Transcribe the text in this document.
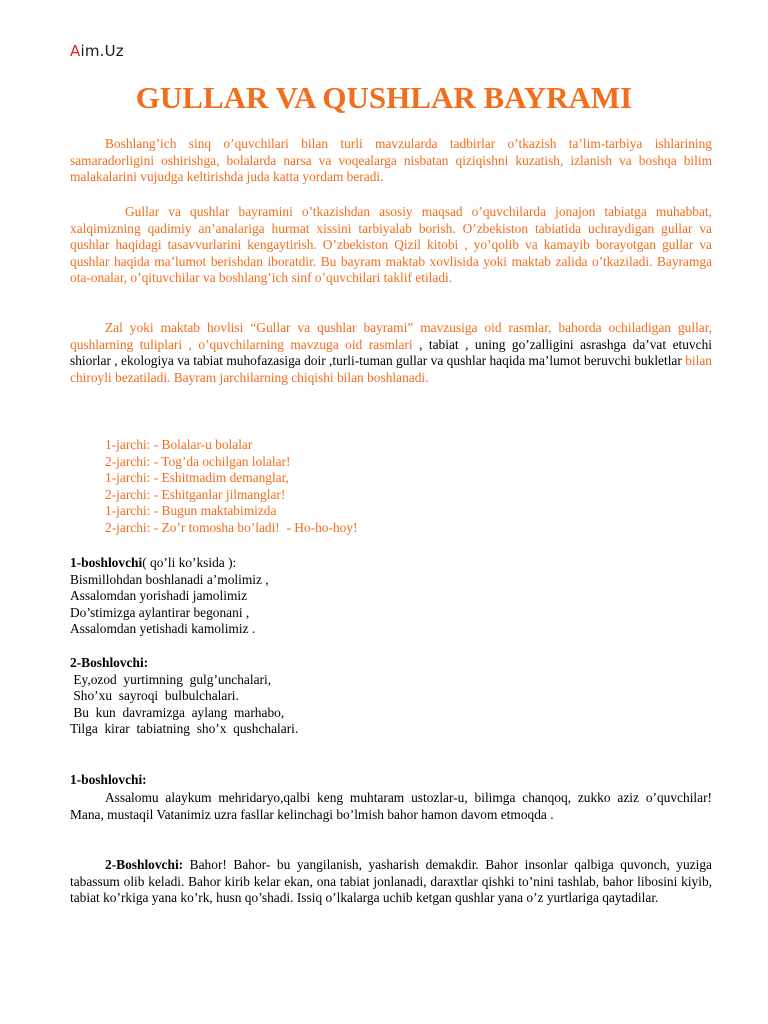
Aim.Uz
GULLAR VA QUSHLAR BAYRAMI

Boshlang’ich sinq o’quvchilari bilan turli mavzularda tadbirlar o’tkazish ta’lim-tarbiya ishlarining samaradorligini oshirishga, bolalarda narsa va voqealarga nisbatan qiziqishni kuzatish, izlanish va boshqa bilim malakalarini vujudga keltirishda juda katta yordam beradi.

Gullar va qushlar bayramini o’tkazishdan asosiy maqsad o’quvchilarda jonajon tabiatga muhabbat, xalqimizning qadimiy an’analariga hurmat xissini tarbiyalab borish. O’zbekiston tabiatida uchraydigan gullar va qushlar haqidagi tasavvurlarini kengaytirish. O’zbekiston Qizil kitobi , yo’qolib va kamayib borayotgan gullar va qushlar haqida ma’lumot berishdan iboratdir. Bu bayram maktab xovlisida yoki maktab zalida o’tkaziladi. Bayramga ota-onalar, o’qituvchilar va boshlang’ich sinf o’quvchilari taklif etiladi.

Zal yoki maktab hovlisi “Gullar va qushlar bayrami” mavzusiga oid rasmlar, bahorda ochiladigan gullar, qushlarning tuliplari , o’quvchilarning mavzuga oid rasmlari , tabiat , uning go’zalligini asrashga da’vat etuvchi shiorlar , ekologiya va tabiat muhofazasiga doir ,turli-tuman gullar va qushlar haqida ma’lumot beruvchi bukletlar bilan chiroyli bezatiladi. Bayram jarchilarning chiqishi bilan boshlanadi.

1-jarchi: - Bolalar-u bolalar
2-jarchi: - Tog’da ochilgan lolalar!
1-jarchi: - Eshitmadim demanglar,
2-jarchi: - Eshitganlar jilmanglar!
1-jarchi: - Bugun maktabimizda
2-jarchi: - Zo’r tomosha bo’ladi!  - Ho-ho-hoy!
1-boshlovchi( qo’li ko’ksida ):
Bismillohdan boshlanadi a’molimiz ,
Assalomdan yorishadi jamolimiz
Do’stimizga aylantirar begonani ,
Assalomdan yetishadi kamolimiz .
2-Boshlovchi:
Ey,ozod  yurtimning  gulg’unchalari,
Sho’xu  sayroqi  bulbulchalari.
Bu  kun  davramizga  aylang  marhabo,
Tilga  kirar  tabiatning  sho’x  qushchalari.
1-boshlovchi:

Assalomu alaykum mehridaryo,qalbi keng muhtaram ustozlar-u, bilimga chanqoq, zukko aziz o’quvchilar! Mana, mustaqil Vatanimiz uzra fasllar kelinchagi bo’lmish bahor hamon davom etmoqda .

2-Boshlovchi: Bahor! Bahor- bu yangilanish, yasharish demakdir. Bahor insonlar qalbiga quvonch, yuziga tabassum olib keladi. Bahor kirib kelar ekan, ona tabiat jonlanadi, daraxtlar qishki to’nini tashlab, bahor libosini kiyib, tabiat ko’rkiga yana ko’rk, husn qo’shadi. Issiq o’lkalarga uchib ketgan qushlar yana o’z yurtlariga qaytadilar.
